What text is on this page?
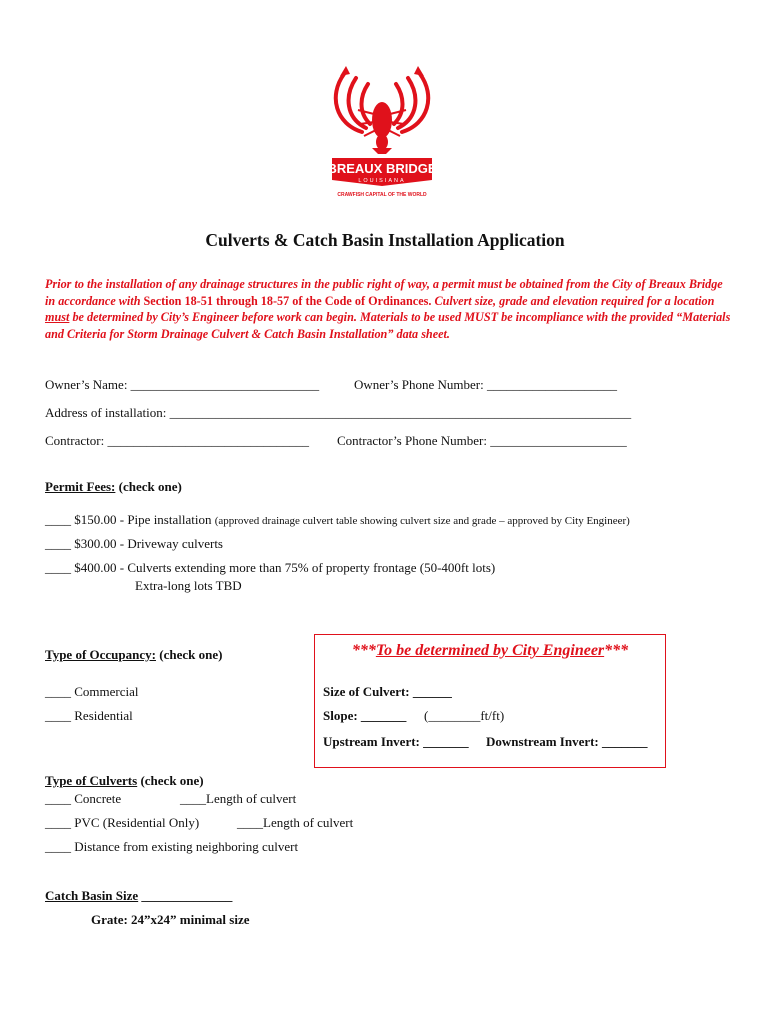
BREAUX BRIDGE
LOUISIANA
CRAWFISH CAPITAL OF THE WORLD
Culverts & Catch Basin Installation Application
Prior to the installation of any drainage structures in the public right of way, a permit must be obtained from the City of Breaux Bridge in accordance with Section 18-51 through 18-57 of the Code of Ordinances. Culvert size, grade and elevation required for a location must be determined by City’s Engineer before work can begin. Materials to be used MUST be incompliance with the provided “Materials and Criteria for Storm Drainage Culvert & Catch Basin Installation” data sheet.
Owner’s Name: _____________________________	Owner’s Phone Number: ____________________
Address of installation: _______________________________________________________________________
Contractor: _______________________________ Contractor’s Phone Number: _____________________
Permit Fees: (check one)
____ $150.00 - Pipe installation (approved drainage culvert table showing culvert size and grade – approved by City Engineer)
____ $300.00 - Driveway culverts
____ $400.00 - Culverts extending more than 75% of property frontage (50-400ft lots)
Extra-long lots TBD
Type of Occupancy: (check one)
____ Commercial
____ Residential
***To be determined by City Engineer***
Size of Culvert: ______
Slope: _______ (________ft/ft)
Upstream Invert: _______ Downstream Invert: _______
Type of Culverts (check one)
____ Concrete	____Length of culvert
____ PVC (Residential Only)	____Length of culvert
____ Distance from existing neighboring culvert
Catch Basin Size ______________
Grate: 24”x24” minimal size
